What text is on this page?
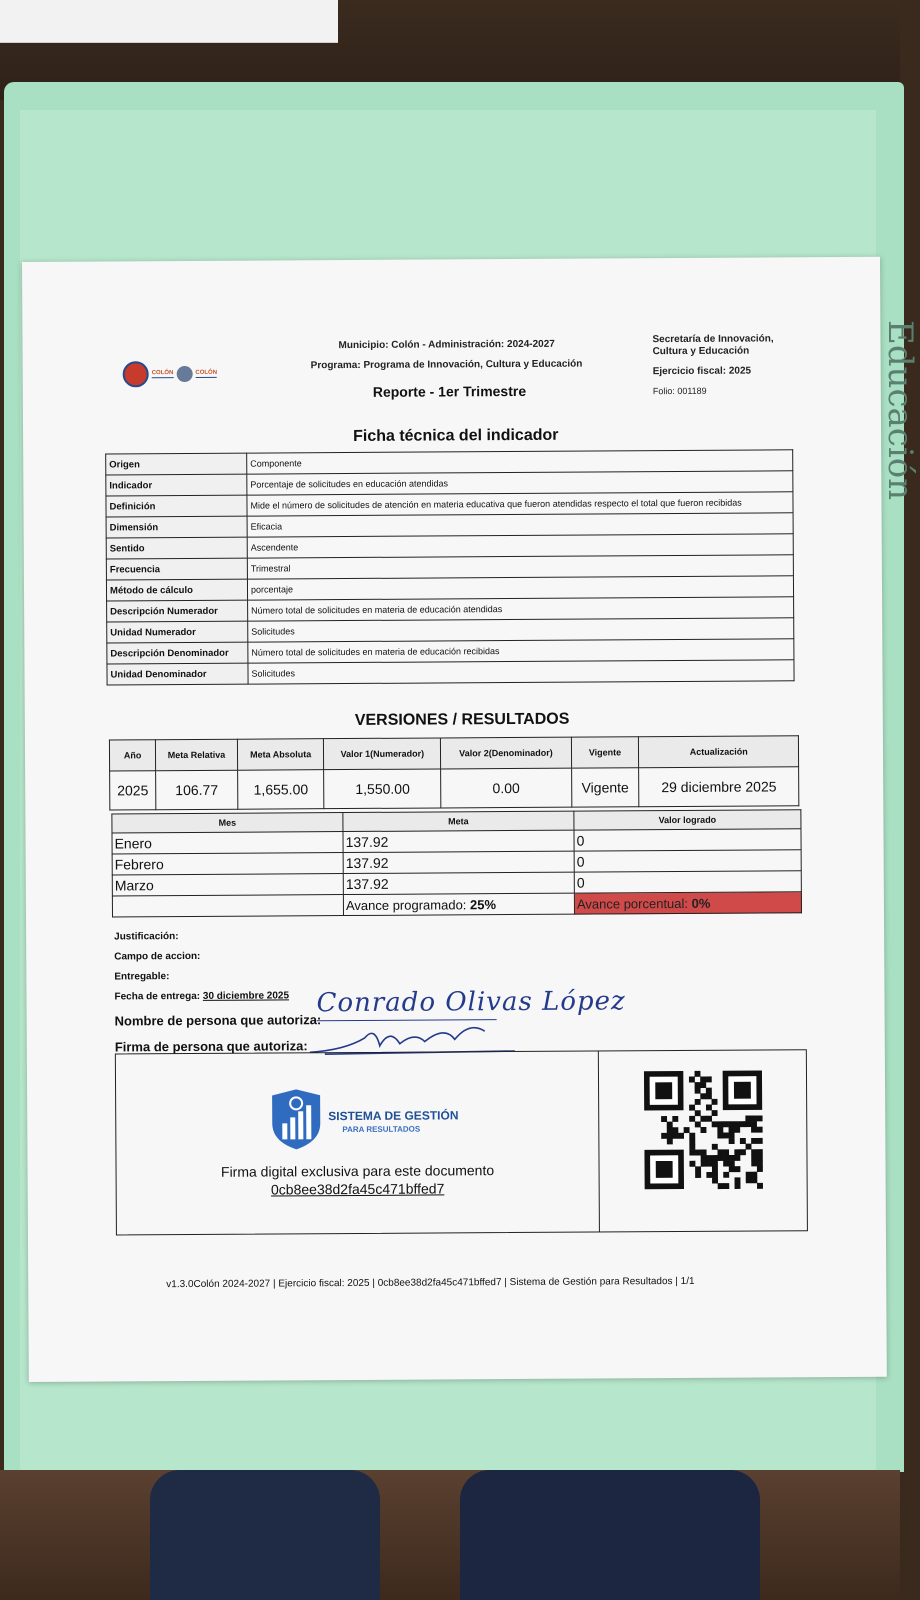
Educación
COLÓN	COLÓN
Municipio: Colón - Administración: 2024-2027
Programa: Programa de Innovación, Cultura y Educación
Reporte - 1er Trimestre
Secretaría de Innovación, Cultura y Educación
Ejercicio fiscal: 2025
Folio: 001189
Ficha técnica del indicador
Origen	Componente
Indicador	Porcentaje de solicitudes en educación atendidas
Definición	Mide el número de solicitudes de atención en materia educativa que fueron atendidas respecto el total que fueron recibidas
Dimensión	Eficacia
Sentido	Ascendente
Frecuencia	Trimestral
Método de cálculo	porcentaje
Descripción Numerador	Número total de solicitudes en materia de educación atendidas
Unidad Numerador	Solicitudes
Descripción Denominador	Número total de solicitudes en materia de educación recibidas
Unidad Denominador	Solicitudes
VERSIONES / RESULTADOS
Año	Meta Relativa	Meta Absoluta	Valor 1(Numerador)	Valor 2(Denominador)	Vigente	Actualización
2025	106.77	1,655.00	1,550.00	0.00	Vigente	29 diciembre 2025
Mes	Meta	Valor logrado
Enero	137.92	0
Febrero	137.92	0
Marzo	137.92	0
	Avance programado: 25%	Avance porcentual: 0%
Justificación:
Campo de accion:
Entregable:
Fecha de entrega: 30 diciembre 2025
Nombre de persona que autoriza:
Conrado Olivas López
Firma de persona que autoriza:
SISTEMA DE GESTIÓN
PARA RESULTADOS
Firma digital exclusiva para este documento
0cb8ee38d2fa45c471bffed7
v1.3.0Colón 2024-2027 | Ejercicio fiscal: 2025 | 0cb8ee38d2fa45c471bffed7 | Sistema de Gestión para Resultados | 1/1
